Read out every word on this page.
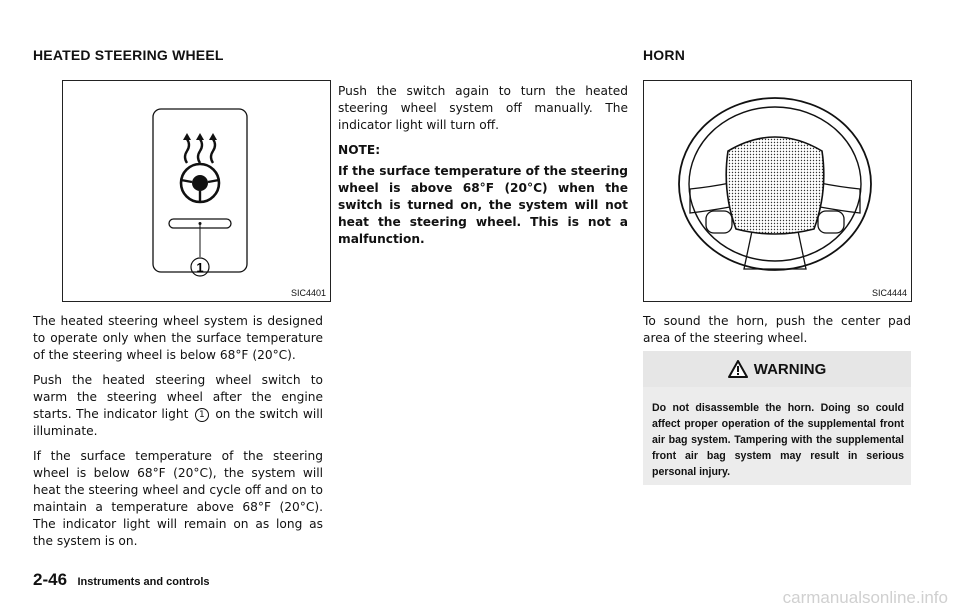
HEATED STEERING WHEEL	HORN
1
SIC4401	SIC4444

The heated steering wheel system is designed to operate only when the surface temperature of the steering wheel is below 68°F (20°C).

Push the heated steering wheel switch to warm the steering wheel after the engine starts. The indicator light 1 on the switch will illuminate.

If the surface temperature of the steering wheel is below 68°F (20°C), the system will heat the steering wheel and cycle off and on to maintain a temperature above 68°F (20°C). The indicator light will remain on as long as the system is on.

Push the switch again to turn the heated steering wheel system off manually. The indicator light will turn off.

NOTE:

If the surface temperature of the steering wheel is above 68°F (20°C) when the switch is turned on, the system will not heat the steering wheel. This is not a malfunction.

To sound the horn, push the center pad area of the steering wheel.

WARNING
Do not disassemble the horn. Doing so could affect proper operation of the supplemental front air bag system. Tampering with the supplemental front air bag system may result in serious personal injury.
2-46 Instruments and controls
carmanualsonline.info
